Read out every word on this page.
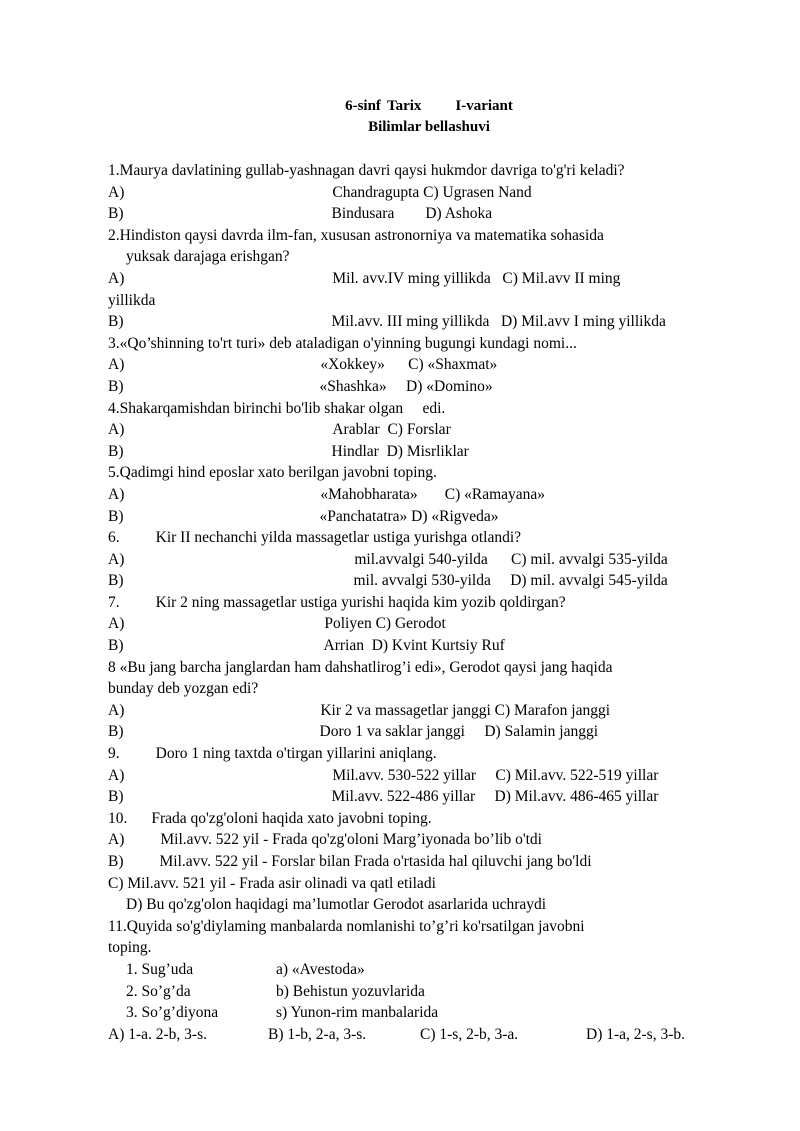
6-sinf Tarix I-variant
Bilimlar bellashuvi
1.Maurya davlatining gullab-yashnagan davri qaysi hukmdor davriga to'g'ri keladi?
A)	Chandragupta C) Ugrasen Nand
B)	Bindusara        D) Ashoka
2.Hindiston qaysi davrda ilm-fan, xususan astronorniya va matematika sohasida
yuksak darajaga erishgan?
A)	Mil. avv.IV ming yillikda   C) Mil.avv II ming
yillikda
B)	Mil.avv. III ming yillikda   D) Mil.avv I ming yillikda
3.«Qo’shinning to'rt turi» deb ataladigan o'yinning bugungi kundagi nomi...
A)	«Xokkey»      C) «Shaxmat»
B)	«Shashka»     D) «Domino»
4.Shakarqamishdan birinchi bo'lib shakar olgan     edi.
A)	Arablar  C) Forslar
B)	Hindlar  D) Misrliklar
5.Qadimgi hind eposlar xato berilgan javobni toping.
A)	«Mahobharata»       C) «Ramayana»
B)	«Panchatatra» D) «Rigveda»
6. Kir II nechanchi yilda massagetlar ustiga yurishga otlandi?
A)	mil.avvalgi 540-yilda      C) mil. avvalgi 535-yilda
B)	mil. avvalgi 530-yilda     D) mil. avvalgi 545-yilda
7. Kir 2 ning massagetlar ustiga yurishi haqida kim yozib qoldirgan?
A)	Poliyen C) Gerodot
B)	Arrian  D) Kvint Kurtsiy Ruf
8 «Bu jang barcha janglardan ham dahshatlirog’i edi», Gerodot qaysi jang haqida
bunday deb yozgan edi?
A)	Kir 2 va massagetlar janggi C) Marafon janggi
B)	Doro 1 va saklar janggi     D) Salamin janggi
9. Doro 1 ning taxtda o'tirgan yillarini aniqlang.
A)	Mil.avv. 530-522 yillar     C) Mil.avv. 522-519 yillar
B)	Mil.avv. 522-486 yillar     D) Mil.avv. 486-465 yillar
10. Frada qo'zg'oloni haqida xato javobni toping.
A)	Mil.avv. 522 yil - Frada qo'zg'oloni Marg’iyonada bo’lib o'tdi
B)	Mil.avv. 522 yil - Forslar bilan Frada o'rtasida hal qiluvchi jang bo'ldi
C) Mil.avv. 521 yil - Frada asir olinadi va qatl etiladi
D) Bu qo'zg'olon haqidagi ma’lumotlar Gerodot asarlarida uchraydi
11.Quyida so'g'diylaming manbalarda nomlanishi to’g’ri ko'rsatilgan javobni
toping.
1. Sug’uda	a) «Avestoda»
2. So’g’da	b) Behistun yozuvlarida
3. So’g’diyona	s) Yunon-rim manbalarida
A) 1-a. 2-b, 3-s.	B) 1-b, 2-a, 3-s.	C) 1-s, 2-b, 3-a.	D) 1-a, 2-s, 3-b.
